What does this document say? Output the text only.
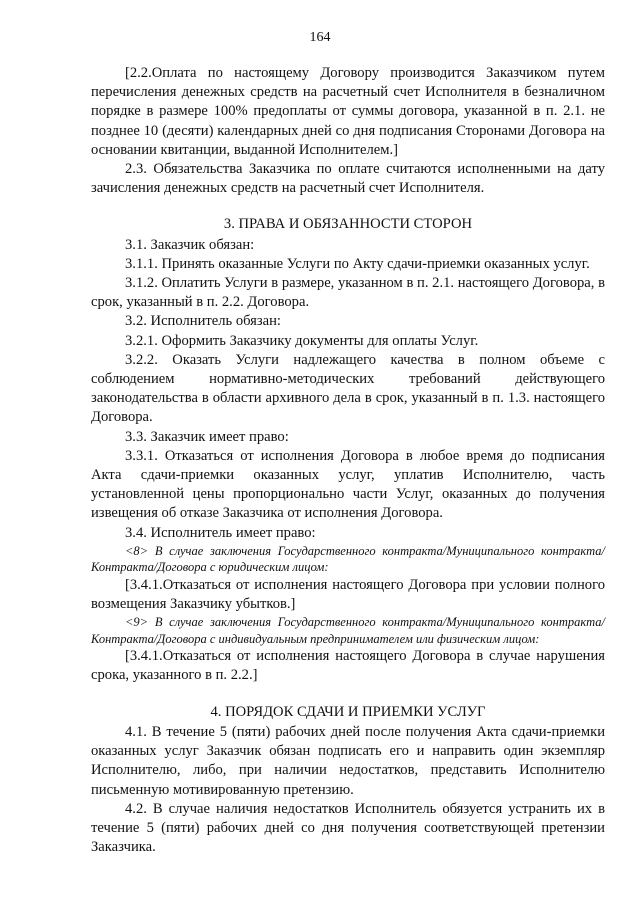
164

[2.2.Оплата по настоящему Договору производится Заказчиком путем перечисления денежных средств на расчетный счет Исполнителя в безналичном порядке в размере 100% предоплаты от суммы договора, указанной в п. 2.1. не позднее 10 (десяти) календарных дней со дня подписания Сторонами Договора на основании квитанции, выданной Исполнителем.]

2.3. Обязательства Заказчика по оплате считаются исполненными на дату зачисления денежных средств на расчетный счет Исполнителя.

3. ПРАВА И ОБЯЗАННОСТИ СТОРОН

3.1. Заказчик обязан:

3.1.1. Принять оказанные Услуги по Акту сдачи-приемки оказанных услуг.

3.1.2. Оплатить Услуги в размере, указанном в п. 2.1. настоящего Договора, в срок, указанный в п. 2.2. Договора.

3.2. Исполнитель обязан:

3.2.1. Оформить Заказчику документы для оплаты Услуг.

3.2.2. Оказать Услуги надлежащего качества в полном объеме с соблюдением нормативно-методических требований действующего законодательства в области архивного дела в срок, указанный в п. 1.3. настоящего Договора.

3.3. Заказчик имеет право:

3.3.1. Отказаться от исполнения Договора в любое время до подписания Акта сдачи-приемки оказанных услуг, уплатив Исполнителю, часть установленной цены пропорционально части Услуг, оказанных до получения извещения об отказе Заказчика от исполнения Договора.

3.4. Исполнитель имеет право:

<8> В случае заключения Государственного контракта/Муниципального контракта/Контракта/Договора с юридическим лицом:

[3.4.1.Отказаться от исполнения настоящего Договора при условии полного возмещения Заказчику убытков.]

<9> В случае заключения Государственного контракта/Муниципального контракта/Контракта/Договора с индивидуальным предпринимателем или физическим лицом:

[3.4.1.Отказаться от исполнения настоящего Договора в случае нарушения срока, указанного в п. 2.2.]

4. ПОРЯДОК СДАЧИ И ПРИЕМКИ УСЛУГ

4.1. В течение 5 (пяти) рабочих дней после получения Акта сдачи-приемки оказанных услуг Заказчик обязан подписать его и направить один экземпляр Исполнителю, либо, при наличии недостатков, представить Исполнителю письменную мотивированную претензию.

4.2. В случае наличия недостатков Исполнитель обязуется устранить их в течение 5 (пяти) рабочих дней со дня получения соответствующей претензии Заказчика.
